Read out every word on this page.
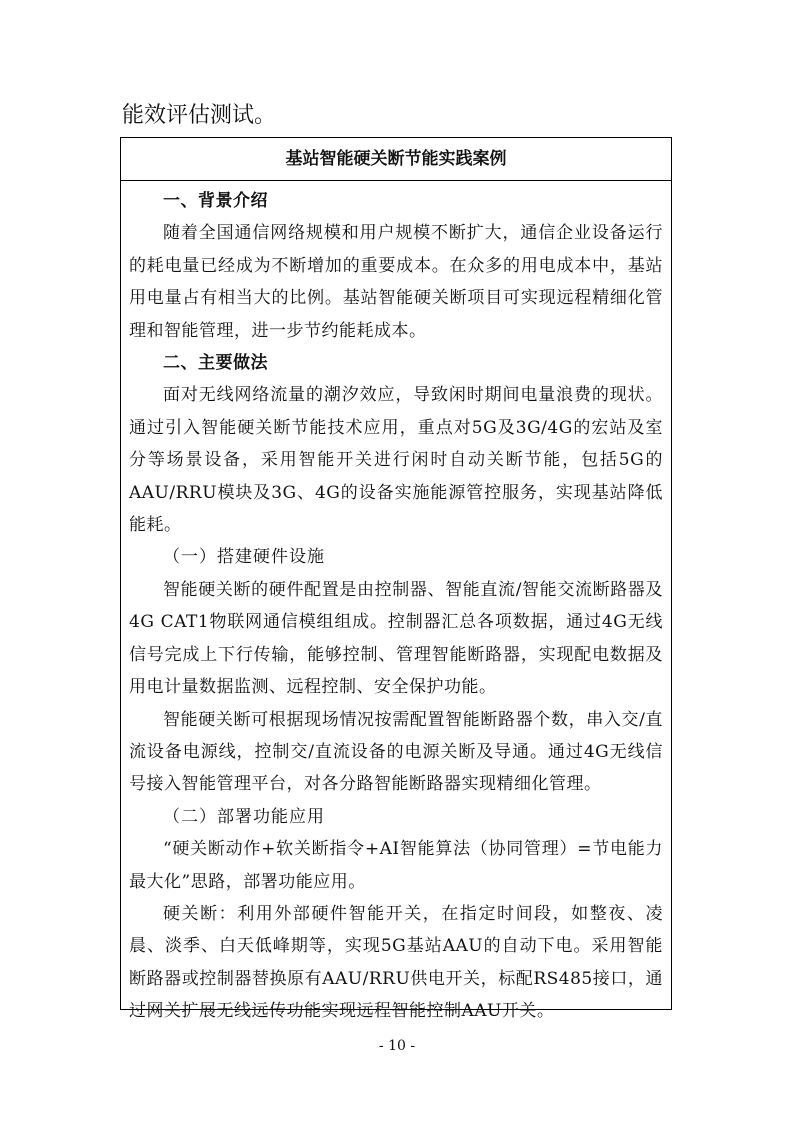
能效评估测试。

基站智能硬关断节能实践案例

一、背景介绍

随着全国通信网络规模和用户规模不断扩大，通信企业设备运行的耗电量已经成为不断增加的重要成本。在众多的用电成本中，基站用电量占有相当大的比例。基站智能硬关断项目可实现远程精细化管理和智能管理，进一步节约能耗成本。

二、主要做法

面对无线网络流量的潮汐效应，导致闲时期间电量浪费的现状。通过引入智能硬关断节能技术应用，重点对5G及3G/4G的宏站及室分等场景设备，采用智能开关进行闲时自动关断节能，包括5G的AAU/RRU模块及3G、4G的设备实施能源管控服务，实现基站降低能耗。

（一）搭建硬件设施

智能硬关断的硬件配置是由控制器、智能直流/智能交流断路器及4G CAT1物联网通信模组组成。控制器汇总各项数据，通过4G无线信号完成上下行传输，能够控制、管理智能断路器，实现配电数据及用电计量数据监测、远程控制、安全保护功能。

智能硬关断可根据现场情况按需配置智能断路器个数，串入交/直流设备电源线，控制交/直流设备的电源关断及导通。通过4G无线信号接入智能管理平台，对各分路智能断路器实现精细化管理。

（二）部署功能应用

“硬关断动作+软关断指令+AI智能算法（协同管理）=节电能力最大化”思路，部署功能应用。

硬关断：利用外部硬件智能开关，在指定时间段，如整夜、凌晨、淡季、白天低峰期等，实现5G基站AAU的自动下电。采用智能断路器或控制器替换原有AAU/RRU供电开关，标配RS485接口，通过网关扩展无线远传功能实现远程智能控制AAU开关。

- 10 -
